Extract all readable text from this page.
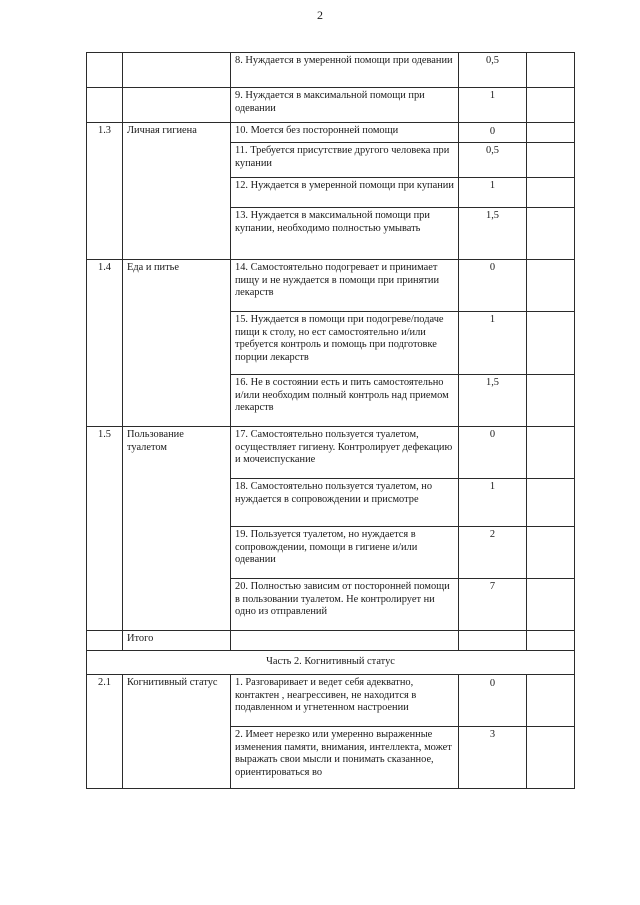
2
		8. Нуждается в умеренной помощи при одевании	0,5	
		9. Нуждается в максимальной помощи при одевании	1	
1.3	Личная гигиена	10. Моется без посторонней помощи	0	
		11. Требуется присутствие другого человека при купании	0,5	
		12. Нуждается в умеренной помощи при купании	1	
		13. Нуждается в максимальной помощи при купании, необходимо полностью умывать	1,5	
1.4	Еда и питье	14. Самостоятельно подогревает и принимает пищу и не нуждается в помощи при принятии лекарств	0	
		15. Нуждается в помощи при подогреве/подаче пищи к столу, но ест самостоятельно и/или требуется контроль и помощь при подготовке порции лекарств	1	
		16. Не в состоянии есть и пить самостоятельно и/или необходим полный контроль над приемом лекарств	1,5	
1.5	Пользование туалетом	17. Самостоятельно пользуется туалетом, осуществляет гигиену. Контролирует дефекацию и мочеиспускание	0	
		18. Самостоятельно пользуется туалетом, но нуждается в сопровождении и присмотре	1	
		19. Пользуется туалетом, но нуждается в сопровождении, помощи в гигиене и/или одевании	2	
		20. Полностью зависим от посторонней помощи в пользовании туалетом. Не контролирует ни одно из отправлений	7	
	Итого			
Часть 2. Когнитивный статус				
2.1	Когнитивный статус	1. Разговаривает и ведет себя адекватно, контактен , неагрессивен, не находится в подавленном и угнетенном настроении	0	
		2. Имеет нерезко или умеренно выраженные изменения памяти, внимания, интеллекта, может выражать свои мысли и понимать сказанное, ориентироваться во	3	
